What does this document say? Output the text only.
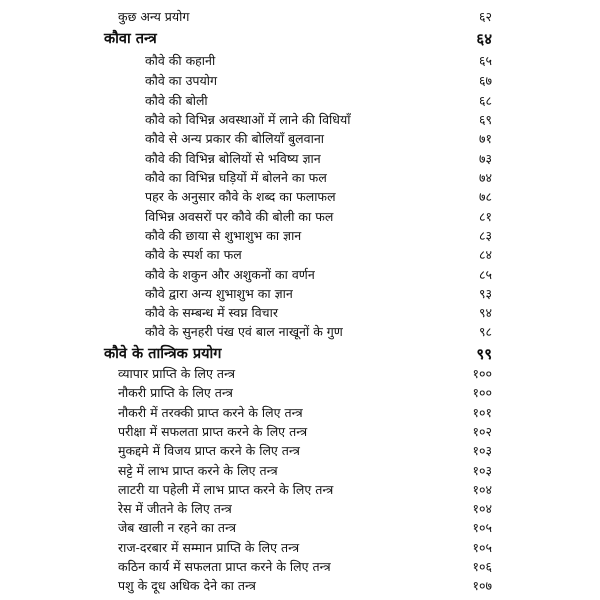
कुछ अन्य प्रयोग	६२
कौवा तन्त्र	६४
कौवे की कहानी	६५
कौवे का उपयोग	६७
कौवे की बोली	६८
कौवे को विभिन्न अवस्थाओं में लाने की विधियाँ	६९
कौवे से अन्य प्रकार की बोलियाँ बुलवाना	७१
कौवे की विभिन्न बोलियों से भविष्य ज्ञान	७३
कौवे का विभिन्न घड़ियों में बोलने का फल	७४
पहर के अनुसार कौवे के शब्द का फलाफल	७८
विभिन्न अवसरों पर कौवे की बोली का फल	८१
कौवे की छाया से शुभाशुभ का ज्ञान	८३
कौवे के स्पर्श का फल	८४
कौवे के शकुन और अशुकनों का वर्णन	८५
कौवे द्वारा अन्य शुभाशुभ का ज्ञान	९३
कौवे के सम्बन्ध में स्वप्न विचार	९४
कौवे के सुनहरी पंख एवं बाल नाखूनों के गुण	९८
कौवे के तान्त्रिक प्रयोग	९९
व्यापार प्राप्ति के लिए तन्त्र	१००
नौकरी प्राप्ति के लिए तन्त्र	१००
नौकरी में तरक्की प्राप्त करने के लिए तन्त्र	१०१
परीक्षा में सफलता प्राप्त करने के लिए तन्त्र	१०२
मुकद्दमे में विजय प्राप्त करने के लिए तन्त्र	१०३
सट्टे में लाभ प्राप्त करने के लिए तन्त्र	१०३
लाटरी या पहेली में लाभ प्राप्त करने के लिए तन्त्र	१०४
रेस में जीतने के लिए तन्त्र	१०४
जेब खाली न रहने का तन्त्र	१०५
राज-दरबार में सम्मान प्राप्ति के लिए तन्त्र	१०५
कठिन कार्य में सफलता प्राप्त करने के लिए तन्त्र	१०६
पशु के दूध अधिक देने का तन्त्र	१०७
